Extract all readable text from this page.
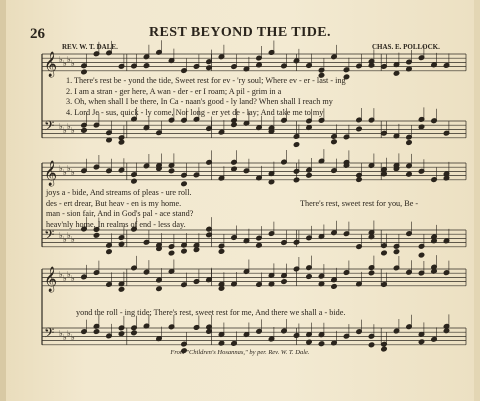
𝄞
𝄢
♭ ♭ ♭ ♭
♭ ♭ ♭ ♭
𝄞
𝄢
♭ ♭ ♭ ♭
♭ ♭ ♭ ♭
𝄞
𝄢
♭ ♭ ♭ ♭
♭ ♭ ♭ ♭
26	REST BEYOND THE TIDE.
REV. W. T. DALE.	CHAS. E. POLLOCK.
1. There's rest be - yond the tide, Sweet rest for ev - 'ry soul; Where ev - er - last - ing
2. I am a stran - ger here, A wan - der - er I roam; A pil - grim in a
3. Oh, when shall I be there, In Ca - naan's good - ly land? When shall I reach my
4. Lord Je - sus, quick - ly come, Nor long - er yet de - lay; And take me to my
joys a - bide, And streams of pleas - ure roll.
des - ert drear, But heav - en is my home.
man - sion fair, And in God's pal - ace stand?
heav'nly home, In realms of end - less day.
There's rest, sweet rest for you, Be -
yond the roll - ing tide; There's rest, sweet rest for me, And there we shall a - bide.
From "Children's Hosannas," by per. Rev. W. T. Dale.
